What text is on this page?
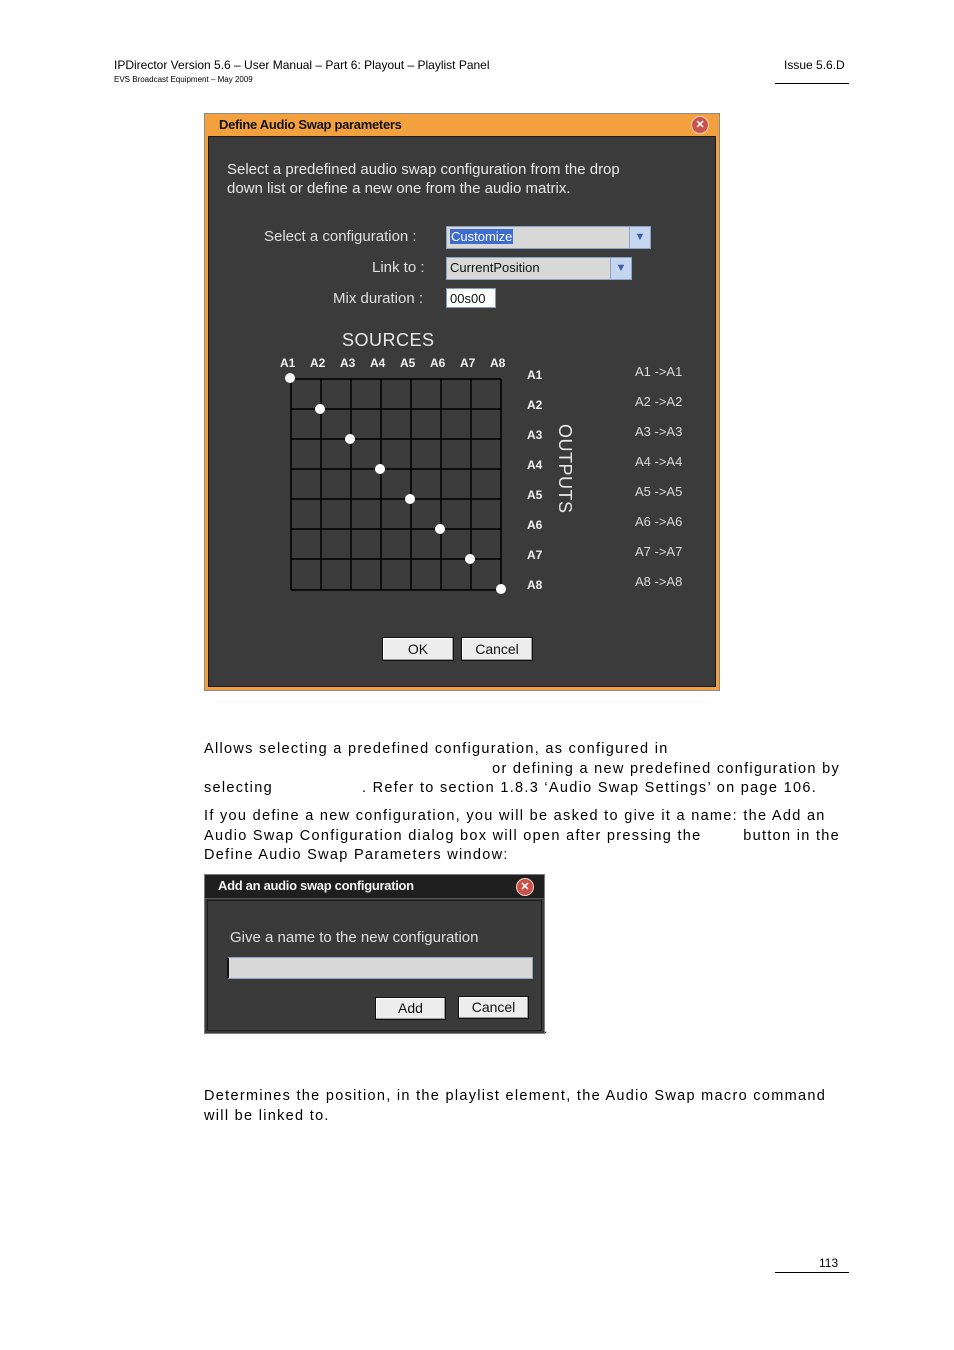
IPDirector Version 5.6 – User Manual – Part 6: Playout – Playlist Panel
EVS Broadcast Equipment – May 2009
Issue 5.6.D
Define Audio Swap parameters	✕
Select a predefined audio swap configuration from the drop
down list or define a new one from the audio matrix.
Select a configuration :	Customize	▼
Link to : CurrentPosition	▼
Mix duration :	00s00
SOURCES
OUTPUTS
A1 A2 A3 A4 A5 A6 A7 A8
A1
A2
A3
A4
A5
A6
A7
A8
A1 ->A1
A2 ->A2
A3 ->A3
A4 ->A4
A5 ->A5
A6 ->A6
A7 ->A7
A8 ->A8
OK	Cancel
Allows selecting a predefined configuration, as configured in
or defining a new predefined configuration by
selecting	. Refer to section 1.8.3 ‘Audio Swap Settings’ on page 106.
If you define a new configuration, you will be asked to give it a name: the Add an
Audio Swap Configuration dialog box will open after pressing the	button in the
Define Audio Swap Parameters window:
Add an audio swap configuration	✕
Give a name to the new configuration
Add	Cancel
.
Determines the position, in the playlist element, the Audio Swap macro command
will be linked to.
113
